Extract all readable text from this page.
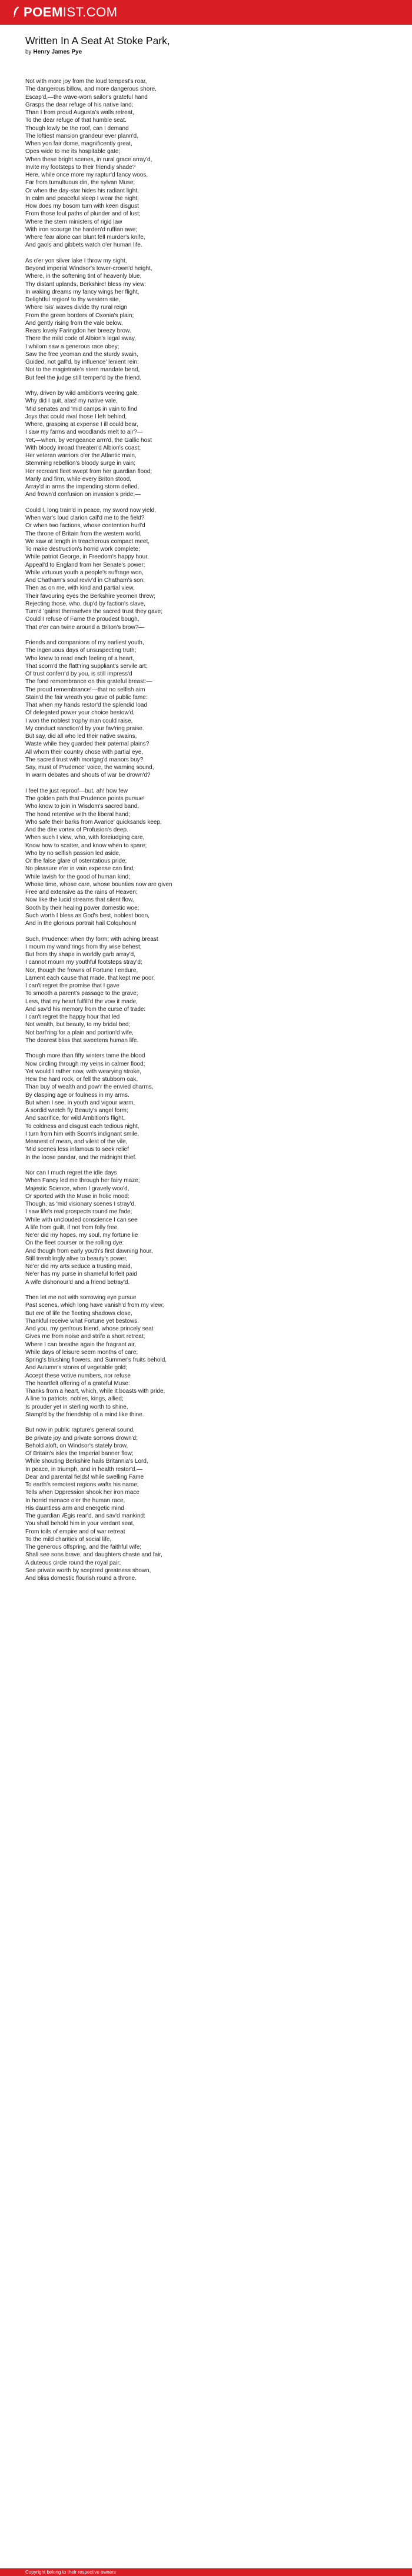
POEM IST.COM
Written In A Seat At Stoke Park,
by Henry James Pye
Not with more joy from the loud tempest's roar,
The dangerous billow, and more dangerous shore,
Escap'd,—the wave-worn sailor's grateful hand
Grasps the dear refuge of his native land;
Than I from proud Augusta's walls retreat,
To the dear refuge of that humble seat.
Though lowly be the roof, can I demand
The loftiest mansion grandeur ever plann'd,
When yon fair dome, magnificently great,
Opes wide to me its hospitable gate;
When these bright scenes, in rural grace array'd,
Invite my footsteps to their friendly shade?
Here, while once more my raptur'd fancy woos,
Far from tumultuous din, the sylvan Muse;
Or when the day-star hides his radiant light,
In calm and peaceful sleep I wear the night;
How does my bosom turn with keen disgust
From those foul paths of plunder and of lust;
Where the stern ministers of rigid law
With iron scourge the harden'd ruffian awe;
Where fear alone can blunt fell murder's knife,
And gaols and gibbets watch o'er human life.
As o'er yon silver lake I throw my sight,
Beyond imperial Windsor's tower-crown'd height,
Where, in the softening tint of heavenly blue,
Thy distant uplands, Berkshire! bless my view:
In waking dreams my fancy wings her flight,
Delightful region! to thy western site,
Where Isis' waves divide thy rural reign
From the green borders of Oxonia's plain;
And gently rising from the vale below,
Rears lovely Faringdon her breezy brow.
There the mild code of Albion's legal sway,
I whilom saw a generous race obey;
Saw the free yeoman and the sturdy swain,
Guided, not gall'd, by influence' lenient rein;
Not to the magistrate's stern mandate bend,
But feel the judge still temper'd by the friend.
Why, driven by wild ambition's veering gale,
Why did I quit, alas! my native vale,
'Mid senates and 'mid camps in vain to find
Joys that could rival those I left behind,
Where, grasping at expense I ill could bear,
I saw my farms and woodlands melt to air?—
Yet,—when, by vengeance arm'd, the Gallic host
With bloody inroad threaten'd Albion's coast;
Her veteran warriors o'er the Atlantic main,
Stemming rebellion's bloody surge in vain;
Her recreant fleet swept from her guardian flood;
Manly and firm, while every Briton stood,
Array'd in arms the impending storm defied,
And frown'd confusion on invasion's pride;—
Could I, long train'd in peace, my sword now yield,
When war's loud clarion call'd me to the field?
Or when two factions, whose contention hurl'd
The throne of Britain from the western world,
We saw at length in treacherous compact meet,
To make destruction's horrid work complete;
While patriot George, in Freedom's happy hour,
Appeal'd to England from her Senate's power;
While virtuous youth a people's suffrage won,
And Chatham's soul reviv'd in Chatham's son:
Then as on me, with kind and partial view,
Their favouring eyes the Berkshire yeomen threw;
Rejecting those, who, dup'd by faction's slave,
Turn'd 'gainst themselves the sacred trust they gave;
Could I refuse of Fame the proudest bough,
That e'er can twine around a Briton's brow?—
Friends and companions of my earliest youth,
The ingenuous days of unsuspecting truth;
Who knew to read each feeling of a heart,
That scorn'd the flatt'ring suppliant's servile art;
Of trust conferr'd by you, is still impress'd
The fond remembrance on this grateful breast:—
The proud remembrance!—that no selfish aim
Stain'd the fair wreath you gave of public fame:
That when my hands restor'd the splendid load
Of delegated power your choice bestow'd,
I won the noblest trophy man could raise,
My conduct sanction'd by your fav'ring praise.
But say, did all who led their native swains,
Waste while they guarded their paternal plains?
All whom their country chose with partial eye,
The sacred trust with mortgag'd manors buy?
Say, must of Prudence' voice, the warning sound,
In warm debates and shouts of war be drown'd?
I feel the just reproof—but, ah! how few
The golden path that Prudence points pursue!
Who know to join in Wisdom's sacred band,
The head retentive with the liberal hand;
Who safe their barks from Avarice' quicksands keep,
And the dire vortex of Profusion's deep.
When such I view, who, with foreiudging care,
Know how to scatter, and know when to spare;
Who by no selfish passion led aside,
Or the false glare of ostentatious pride;
No pleasure e'er in vain expense can find,
While lavish for the good of human kind;
Whose time, whose care, whose bounties now are given
Free and extensive as the rains of Heaven;
Now like the lucid streams that silent flow,
Sooth by their healing power domestic woe;
Such worth I bless as God's best, noblest boon,
And in the glorious portrait hail Colquhoun!
Such, Prudence! when thy form; with aching breast
I mourn my wand'rings from thy wise behest;
But from thy shape in worldly garb array'd,
I cannot mourn my youthful footsteps stray'd;
Nor, though the frowns of Fortune I endure,
Lament each cause that made, that kept me poor.
I can't regret the promise that I gave
To smooth a parent's passage to the grave;
Less, that my heart fulfill'd the vow it made,
And sav'd his memory from the curse of trade:
I can't regret the happy hour that led
Not wealth, but beauty, to my bridal bed;
Not barl'ring for a plain and portion'd wife,
The dearest bliss that sweetens human life.
Though more than fifty winters tame the blood
Now circling through my veins in calmer flood;
Yet would I rather now, with wearying stroke,
Hew the hard rock, or fell the stubborn oak,
Than buy of wealth and pow'r the envied charms,
By clasping age or foulness in my arms.
But when I see, in youth and vigour warm,
A sordid wretch fly Beauty's angel form;
And sacrifice, for wild Ambition's flight,
To coldness and disgust each tedious night,
I turn from him with Scorn's indignant smile,
Meanest of mean, and vilest of the vile,
'Mid scenes less infamous to seek relief
In the loose pandar, and the midnight thief.
Nor can I much regret the idle days
When Fancy led me through her fairy maze;
Majestic Science, when I gravely woo'd,
Or sported with the Muse in frolic mood:
Though, as 'mid visionary scenes I stray'd,
I saw life's real prospects round me fade;
While with unclouded conscience I can see
A life from guilt, if not from folly free.
Ne'er did my hopes, my soul, my fortune lie
On the fleet courser or the rolling dye:
And though from early youth's first dawning hour,
Still tremblingly alive to beauty's power,
Ne'er did my arts seduce a trusting maid,
Ne'er has my purse in shameful forfeit paid
A wife dishonour'd and a friend betray'd.
Then let me not with sorrowing eye pursue
Past scenes, which long have vanish'd from my view;
But ere of life the fleeting shadows close,
Thankful receive what Fortune yet bestows.
And you, my gen'rous friend, whose princely seat
Gives me from noise and strife a short retreat;
Where I can breathe again the fragrant air,
While days of leisure seem months of care;
Spring's blushing flowers, and Summer's fruits behold,
And Autumn's stores of vegetable gold;
Accept these votive numbers, nor refuse
The heartfelt offering of a grateful Muse:
Thanks from a heart, which, while it boasts with pride,
A line to patriots, nobles, kings, allied;
Is prouder yet in sterling worth to shine,
Stamp'd by the friendship of a mind like thine.
But now in public rapture's general sound,
Be private joy and private sorrows drown'd;
Behold aloft, on Windsor's stately brow,
Of Britain's isles the Imperial banner flow;
While shouting Berkshire hails Britannia's Lord,
In peace, in triumph, and in health restor'd.—
Dear and parental fields! while swelling Fame
To earth's remotest regions wafts his name;
Tells when Oppression shook her iron mace
In horrid menace o'er the human race,
His dauntless arm and energetic mind
The guardian Ægis rear'd, and sav'd mankind:
You shall behold him in your verdant seat,
From toils of empire and of war retreat
To the mild charities of social life,
The generous offspring, and the faithful wife;
Shall see sons brave, and daughters chaste and fair,
A duteous circle round the royal pair;
See private worth by sceptred greatness shown,
And bliss domestic flourish round a throne.
Copyright belong to their respective owners
